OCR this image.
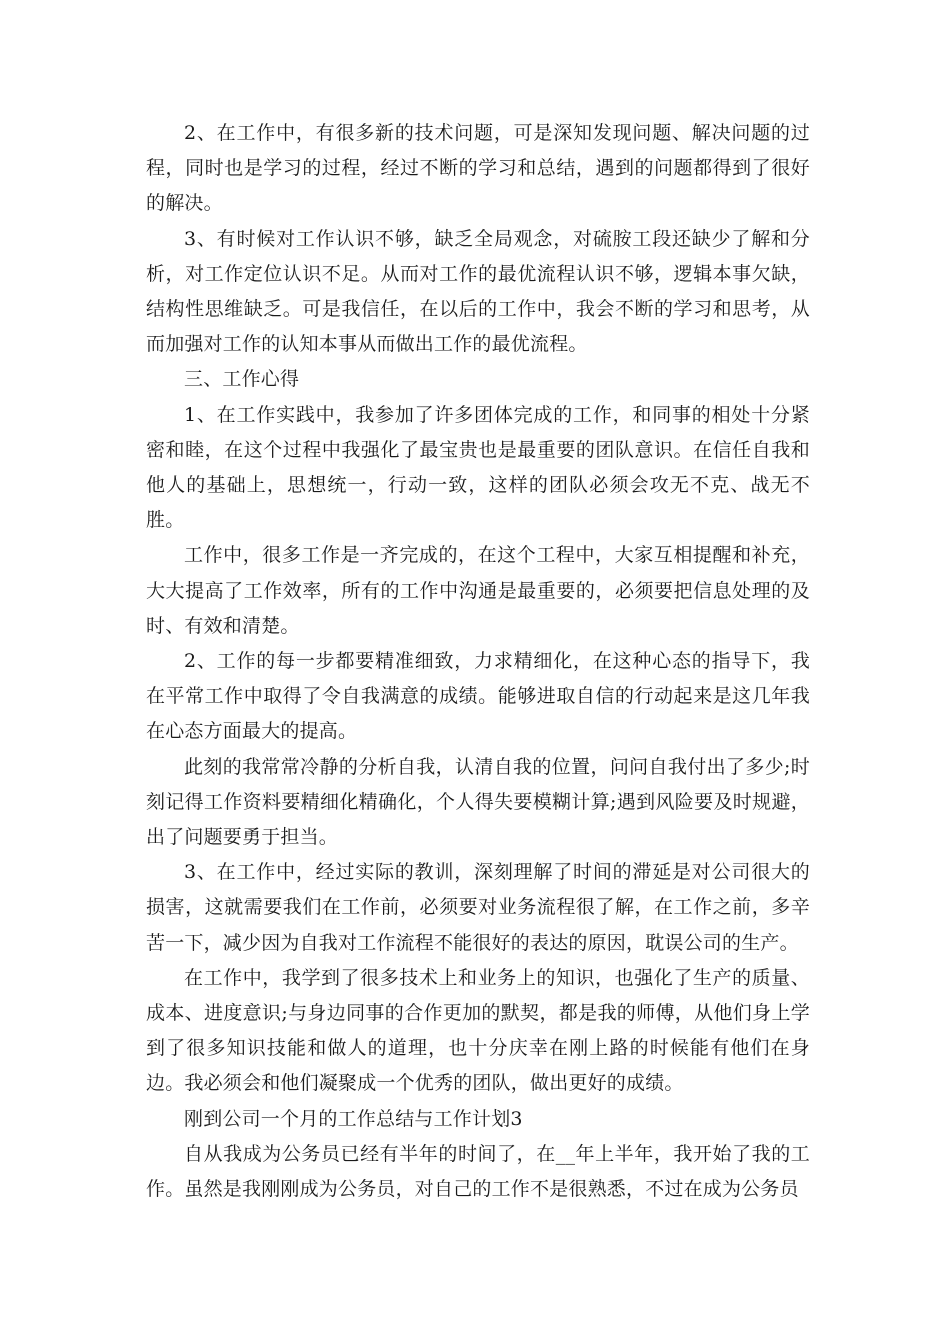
2、在工作中，有很多新的技术问题，可是深知发现问题、解决问题的过程，同时也是学习的过程，经过不断的学习和总结，遇到的问题都得到了很好的解决。

3、有时候对工作认识不够，缺乏全局观念，对硫胺工段还缺少了解和分析，对工作定位认识不足。从而对工作的最优流程认识不够，逻辑本事欠缺，结构性思维缺乏。可是我信任，在以后的工作中，我会不断的学习和思考，从而加强对工作的认知本事从而做出工作的最优流程。

三、工作心得

1、在工作实践中，我参加了许多团体完成的工作，和同事的相处十分紧密和睦，在这个过程中我强化了最宝贵也是最重要的团队意识。在信任自我和他人的基础上，思想统一，行动一致，这样的团队必须会攻无不克、战无不胜。

工作中，很多工作是一齐完成的，在这个工程中，大家互相提醒和补充，大大提高了工作效率，所有的工作中沟通是最重要的，必须要把信息处理的及时、有效和清楚。

2、工作的每一步都要精准细致，力求精细化，在这种心态的指导下，我在平常工作中取得了令自我满意的成绩。能够进取自信的行动起来是这几年我在心态方面最大的提高。

此刻的我常常冷静的分析自我，认清自我的位置，问问自我付出了多少;时刻记得工作资料要精细化精确化，个人得失要模糊计算;遇到风险要及时规避，出了问题要勇于担当。

3、在工作中，经过实际的教训，深刻理解了时间的滞延是对公司很大的损害，这就需要我们在工作前，必须要对业务流程很了解，在工作之前，多辛苦一下，减少因为自我对工作流程不能很好的表达的原因，耽误公司的生产。

在工作中，我学到了很多技术上和业务上的知识，也强化了生产的质量、成本、进度意识;与身边同事的合作更加的默契，都是我的师傅，从他们身上学到了很多知识技能和做人的道理，也十分庆幸在刚上路的时候能有他们在身边。我必须会和他们凝聚成一个优秀的团队，做出更好的成绩。

刚到公司一个月的工作总结与工作计划3

自从我成为公务员已经有半年的时间了，在__年上半年，我开始了我的工作。虽然是我刚刚成为公务员，对自己的工作不是很熟悉，不过在成为公务员
